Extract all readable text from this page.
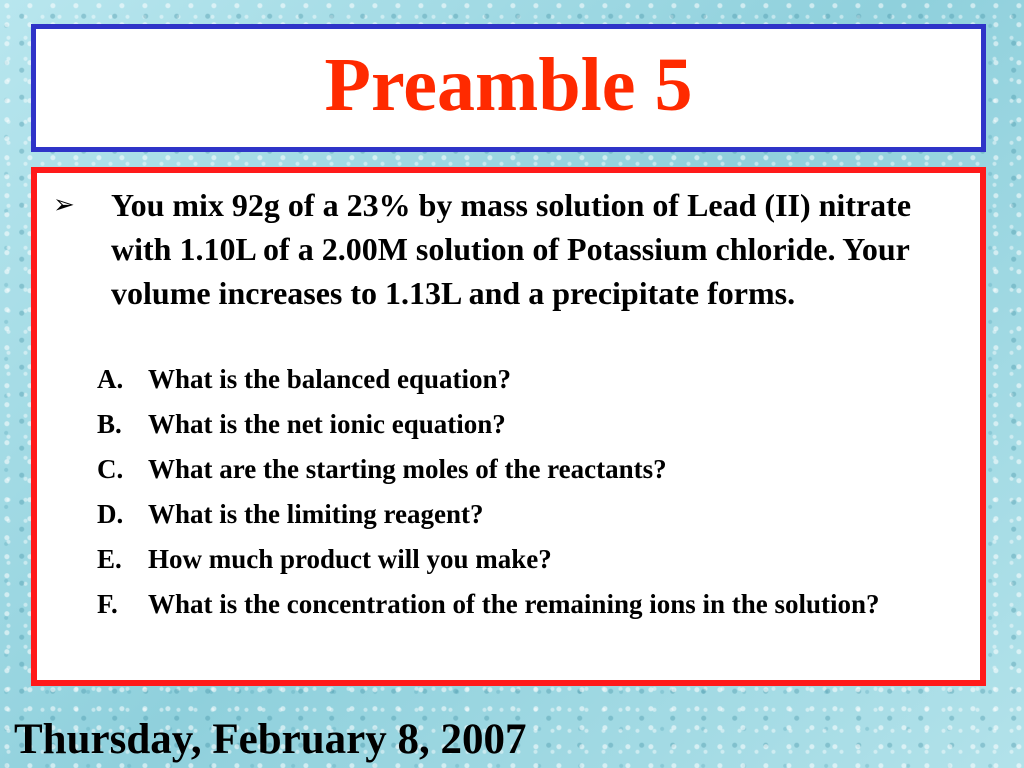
Preamble 5
➢	You mix 92g of a 23% by mass solution of Lead (II) nitrate with 1.10L of a 2.00M solution of Potassium chloride. Your volume increases to 1.13L and a precipitate forms.
A. What is the balanced equation?
B. What is the net ionic equation?
C. What are the starting moles of the reactants?
D. What is the limiting reagent?
E. How much product will you make?
F.	What is the concentration of the remaining ions in the solution?
Thursday, February 8, 2007
